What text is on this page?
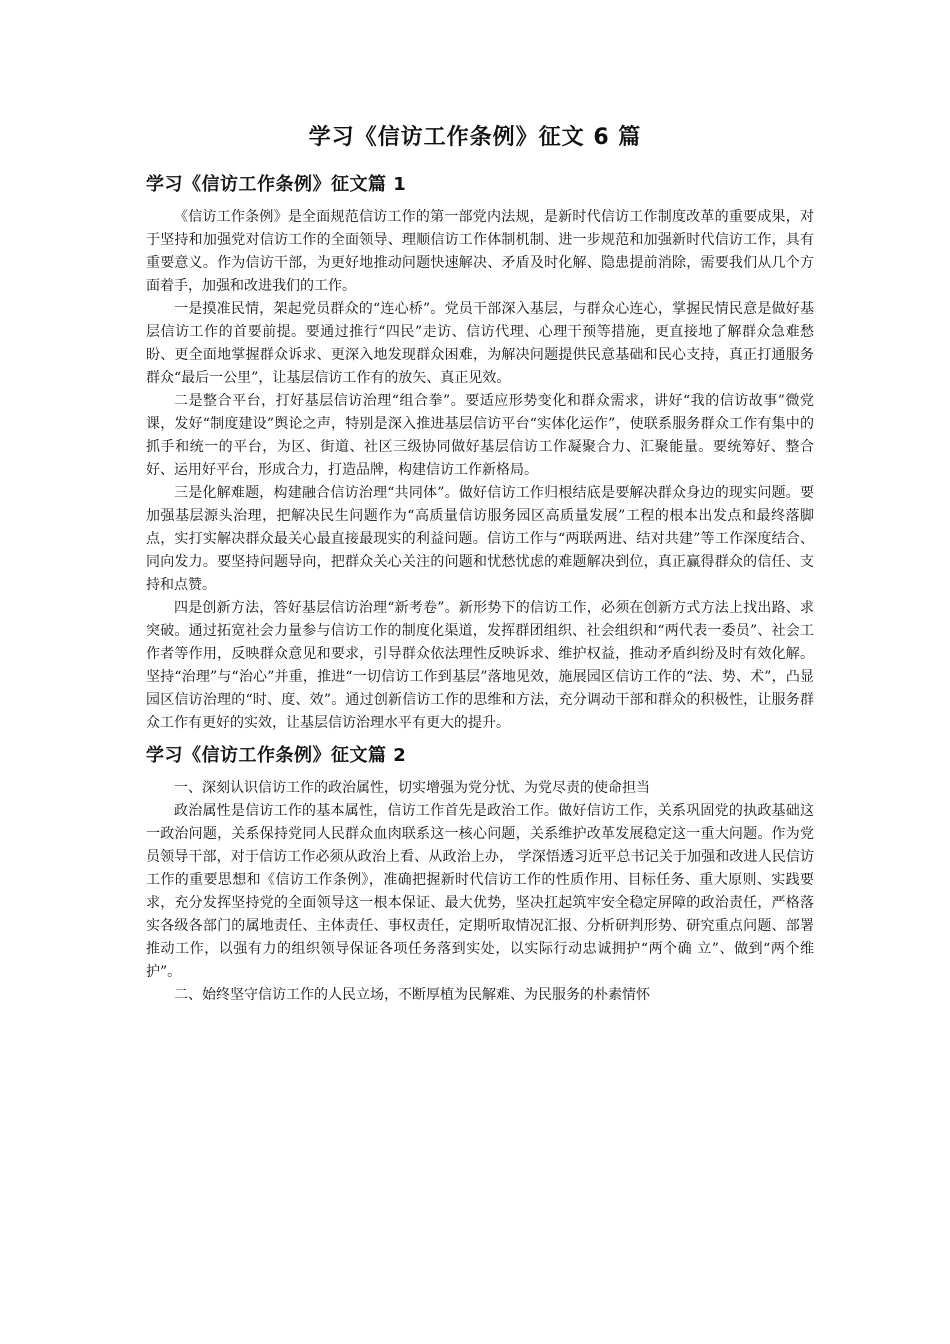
学习《信访工作条例》征文 6 篇
学习《信访工作条例》征文篇 1

《信访工作条例》是全面规范信访工作的第一部党内法规，是新时代信访工作制度改革的重要成果，对于坚持和加强党对信访工作的全面领导、理顺信访工作体制机制、进一步规范和加强新时代信访工作，具有重要意义。作为信访干部，为更好地推动问题快速解决、矛盾及时化解、隐患提前消除，需要我们从几个方面着手，加强和改进我们的工作。

一是摸准民情，架起党员群众的“连心桥”。党员干部深入基层，与群众心连心，掌握民情民意是做好基层信访工作的首要前提。要通过推行“四民”走访、信访代理、心理干预等措施，更直接地了解群众急难愁盼、更全面地掌握群众诉求、更深入地发现群众困难，为解决问题提供民意基础和民心支持，真正打通服务群众“最后一公里”，让基层信访工作有的放矢、真正见效。

二是整合平台，打好基层信访治理“组合拳”。要适应形势变化和群众需求，讲好“我的信访故事”微党课，发好“制度建设”舆论之声，特别是深入推进基层信访平台“实体化运作”，使联系服务群众工作有集中的抓手和统一的平台，为区、街道、社区三级协同做好基层信访工作凝聚合力、汇聚能量。要统筹好、整合好、运用好平台，形成合力，打造品牌，构建信访工作新格局。

三是化解难题，构建融合信访治理“共同体”。做好信访工作归根结底是要解决群众身边的现实问题。要加强基层源头治理，把解决民生问题作为“高质量信访服务园区高质量发展”工程的根本出发点和最终落脚点，实打实解决群众最关心最直接最现实的利益问题。信访工作与“两联两进、结对共建”等工作深度结合、同向发力。要坚持问题导向，把群众关心关注的问题和忧愁忧虑的难题解决到位，真正赢得群众的信任、支持和点赞。

四是创新方法，答好基层信访治理“新考卷”。新形势下的信访工作，必须在创新方式方法上找出路、求突破。通过拓宽社会力量参与信访工作的制度化渠道，发挥群团组织、社会组织和“两代表一委员”、社会工作者等作用，反映群众意见和要求，引导群众依法理性反映诉求、维护权益，推动矛盾纠纷及时有效化解。坚持“治理”与“治心”并重，推进“一切信访工作到基层”落地见效，施展园区信访工作的“法、势、术”，凸显园区信访治理的“时、度、效”。通过创新信访工作的思维和方法，充分调动干部和群众的积极性，让服务群众工作有更好的实效，让基层信访治理水平有更大的提升。

学习《信访工作条例》征文篇 2

一、深刻认识信访工作的政治属性，切实增强为党分忧、为党尽责的使命担当

政治属性是信访工作的基本属性，信访工作首先是政治工作。做好信访工作，关系巩固党的执政基础这一政治问题，关系保持党同人民群众血肉联系这一核心问题，关系维护改革发展稳定这一重大问题。作为党员领导干部，对于信访工作必须从政治上看、从政治上办， 学深悟透习近平总书记关于加强和改进人民信访工作的重要思想和《信访工作条例》，准确把握新时代信访工作的性质作用、目标任务、重大原则、实践要求，充分发挥坚持党的全面领导这一根本保证、最大优势，坚决扛起筑牢安全稳定屏障的政治责任，严格落实各级各部门的属地责任、主体责任、事权责任，定期听取情况汇报、分析研判形势、研究重点问题、部署推动工作，以强有力的组织领导保证各项任务落到实处，以实际行动忠诚拥护“两个确 立”、做到“两个维护”。

二、始终坚守信访工作的人民立场，不断厚植为民解难、为民服务的朴素情怀
